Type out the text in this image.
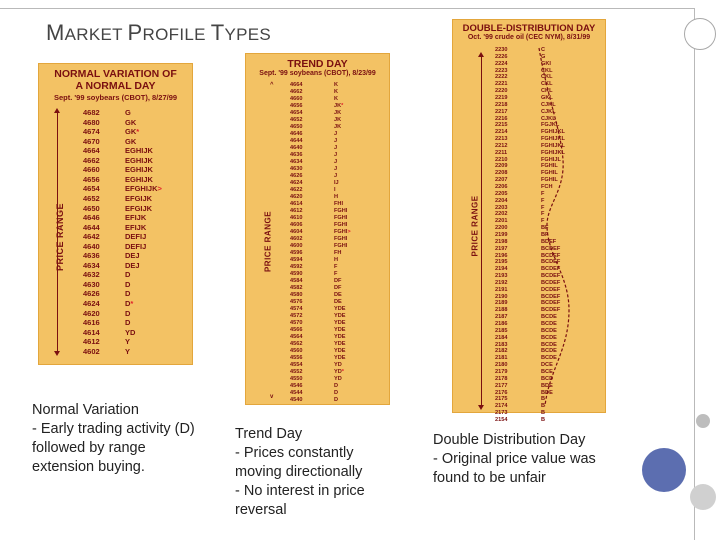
MARKET PROFILE TYPES
NORMAL VARIATION OF
A NORMAL DAY
Sept. '99 soybears (CBOT), 8/27/99
PRICE RANGE
4682	G
4680	GK
4674	GK*
4670	GK
4664	EGHIJK
4662	EGHIJK
4660	EGHIJK
4656	EGHIJK
4654	EFGHIJK>
4652	EFGIJK
4650	EFGIJK
4646	EFIJK
4644	EFIJK
4642	DEFIJ
4640	DEFIJ
4636	DEJ
4634	DEJ
4632	D
4630	D
4626	D
4624	D*
4620	D
4616	D
4614	YD
4612	Y
4602	Y
TREND DAY
Sept. '99 soybeans (CBOT), 8/23/99
PRICE RANGE
^
v
4664	K
4662	K
4660	K
4656	JK*
4654	JK
4652	JK
4650	JK
4646	J
4644	J
4640	J
4636	J
4634	J
4630	J
4626	J
4624	IJ
4622	I
4620	H
4614	FHI
4612	FGHI
4610	FGHI
4606	FGHI
4604	FGHI>
4602	FGHI
4600	FGHI
4596	FH
4594	H
4592	F
4590	F
4584	DF
4582	DF
4580	DE
4576	DE
4574	YDE
4572	YDE
4570	YDE
4566	YDE
4564	YDE
4562	YDE
4560	YDE
4556	YDE
4554	YD
4552	YD*
4550	YD
4546	D
4544	D
4540	D
DOUBLE-DISTRIBUTION DAY
Oct. '99 crude oil (CEC NYM), 8/31/99
PRICE RANGE
2230	C
2226	G
2224	GKI
2223	CKL
2222	CKL
2221	CKL
2220	CKL
2219	GKL
2218	CJKL
2217	CJKL
2216	CJKL
2215	FGJKL
2214	FGHIJKL
2213	FGHIJKL
2212	FGHIJKL
2211	FGHIJKL
2210	FGHIJL
2209	FGHIL
2208	FGHIL
2207	FGHIL
2206	FCH
2205	F
2204	F
2203	F
2202	F
2201	F
2200	BF
2199	BF
2198	BDEF
2197	BCDEF
2196	BCDEF
2195	BCDEF
2194	BCDEF
2193	BCDEF
2192	BCDEF
2191	DCDEF
2190	BCDEF
2189	BCDEF
2188	BCDEF
2187	BCDE
2186	BCDE
2185	BCDE
2184	BCDE
2183	BCDE
2182	BCDE
2181	BCDE
2180	DCE
2179	BCE
2178	BCD
2177	BDE
2176	BDE
2175	B
2174	B
2173	B
2154	B
Normal Variation
- Early trading activity (D)
followed by range
extension buying.
Trend Day
- Prices constantly
moving directionally
- No interest in price
reversal
Double Distribution Day
- Original price value was
found to be unfair
